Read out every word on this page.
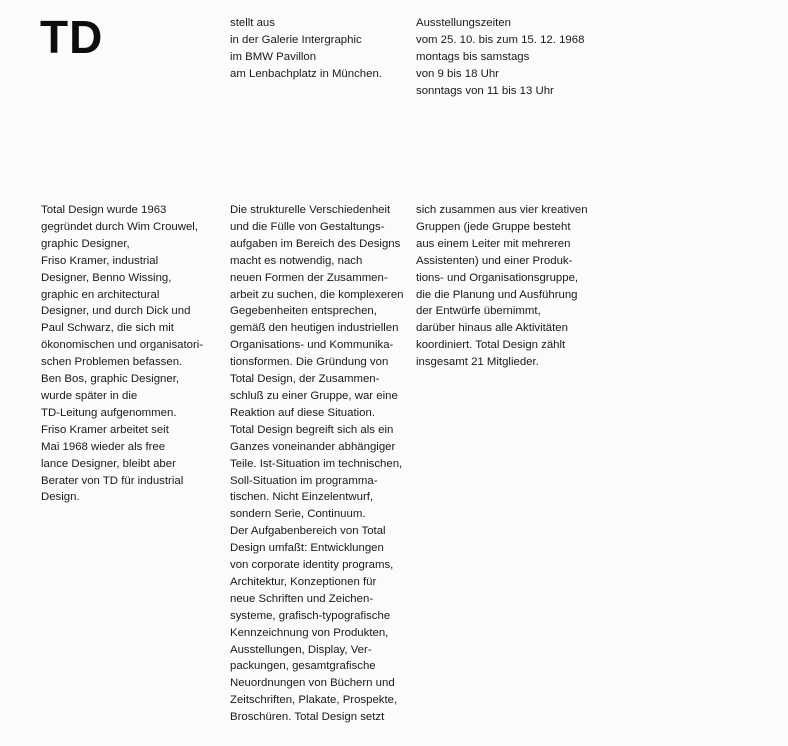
TD	stellt aus
in der Galerie Intergraphic
im BMW Pavillon
am Lenbachplatz in München.
Ausstellungszeiten
vom 25. 10. bis zum 15. 12. 1968
montags bis samstags
von 9 bis 18 Uhr
sonntags von 11 bis 13 Uhr
Total Design wurde 1963
gegründet durch Wim Crouwel,
graphic Designer,
Friso Kramer, industrial
Designer, Benno Wissing,
graphic en architectural
Designer, und durch Dick und
Paul Schwarz, die sich mit
ökonomischen und organisatori-
schen Problemen befassen.
Ben Bos, graphic Designer,
wurde später in die
TD-Leitung aufgenommen.
Friso Kramer arbeitet seit
Mai 1968 wieder als free
lance Designer, bleibt aber
Berater von TD für industrial
Design.
Die strukturelle Verschiedenheit
und die Fülle von Gestaltungs-
aufgaben im Bereich des Designs
macht es notwendig, nach
neuen Formen der Zusammen-
arbeit zu suchen, die komplexeren
Gegebenheiten entsprechen,
gemäß den heutigen industriellen
Organisations- und Kommunika-
tionsformen. Die Gründung von
Total Design, der Zusammen-
schluß zu einer Gruppe, war eine
Reaktion auf diese Situation.
Total Design begreift sich als ein
Ganzes voneinander abhängiger
Teile. Ist-Situation im technischen,
Soll-Situation im programma-
tischen. Nicht Einzelentwurf,
sondern Serie, Continuum.
Der Aufgabenbereich von Total
Design umfaßt: Entwicklungen
von corporate identity programs,
Architektur, Konzeptionen für
neue Schriften und Zeichen-
systeme, grafisch-typografische
Kennzeichnung von Produkten,
Ausstellungen, Display, Ver-
packungen, gesamtgrafische
Neuordnungen von Büchern und
Zeitschriften, Plakate, Prospekte,
Broschüren. Total Design setzt
sich zusammen aus vier kreativen
Gruppen (jede Gruppe besteht
aus einem Leiter mit mehreren
Assistenten) und einer Produk-
tions- und Organisationsgruppe,
die die Planung und Ausführung
der Entwürfe übernimmt,
darüber hinaus alle Aktivitäten
koordiniert. Total Design zählt
insgesamt 21 Mitglieder.
